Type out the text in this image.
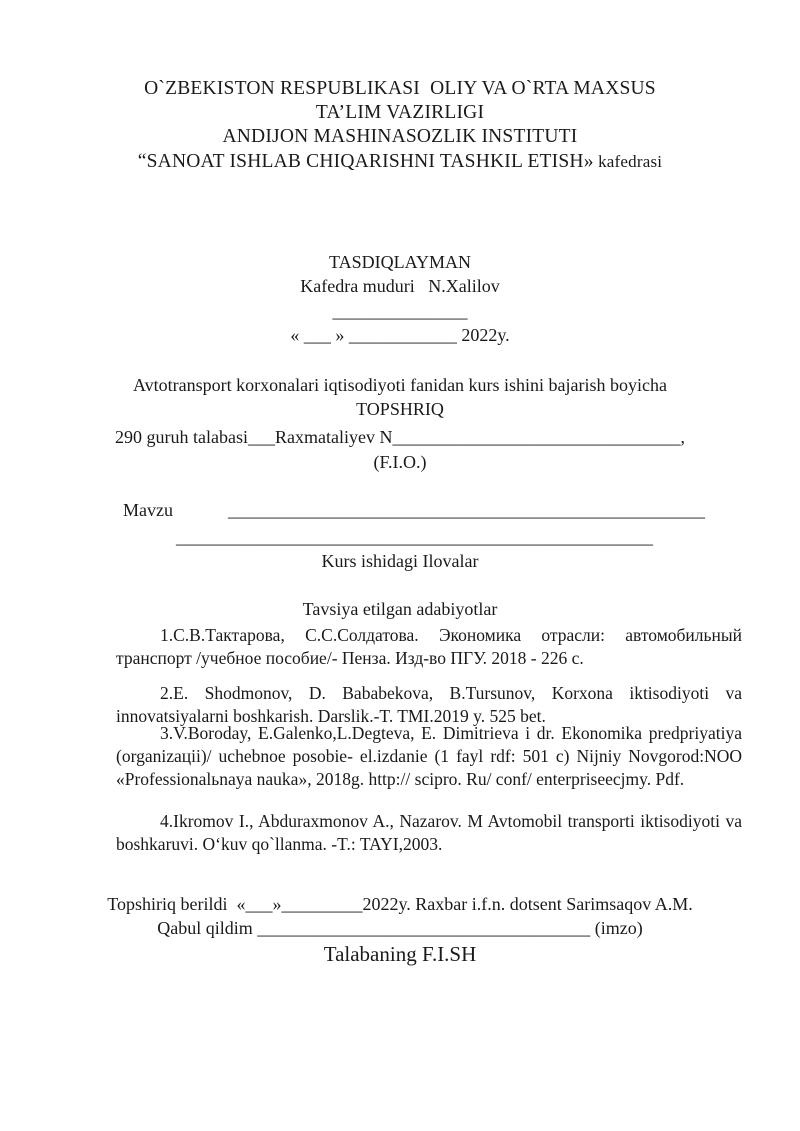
O`ZBEKISTON RESPUBLIKASI  OLIY VA O`RTA MAXSUS
TA’LIM VAZIRLIGI
ANDIJON MASHINASOZLIK INSTITUTI
“SANOAT ISHLAB CHIQARISHNI TASHKIL ETISH» kafedrasi
TASDIQLAYMAN
Kafedra muduri   N.Xalilov
_______________
« ___ » ____________ 2022y.
Avtotransport korxonalari iqtisodiyoti fanidan kurs ishini bajarish boyicha
TOPSHRIQ
290 guruh talabasi___Raxmataliyev N________________________________,
(F.I.O.)
Mavzu	_____________________________________________________
_____________________________________________________
Kurs ishidagi Ilovalar
Tavsiya etilgan adabiyotlar
1.С.В.Тактарова, С.С.Солдатова. Экономика отрасли: автомобильный транспорт /учебное пособие/- Пенза. Изд-во ПГУ. 2018 - 226 с.
2.E. Shodmonov, D. Bababekova, B.Tursunov, Korxona iktisodiyoti va innovatsiyalarni boshkarish. Darslik.-T. TMI.2019 y. 525 bet.
3.V.Boroday, E.Galenko,L.Degteva, E. Dimitrieva i dr. Ekonomika predpriyatiya (organizaцii)/ uchebnoe posobie- el.izdanie (1 fayl rdf: 501 c) Nijniy Novgorod:NOO «Professionalьnaya nauka», 2018g. http:// scipro. Ru/ conf/ enterpriseecjmy. Pdf.
4.Ikromov I., Abduraxmonov A., Nazarov. M Avtomobil transporti iktisodiyoti va boshkaruvi. O‘kuv qo`llanma. -T.: TAYI,2003.
Topshiriq berildi  «___»_________2022y. Raxbar i.f.n. dotsent Sarimsaqov A.M.
Qabul qildim _____________________________________ (imzo)
Talabaning F.I.SH
